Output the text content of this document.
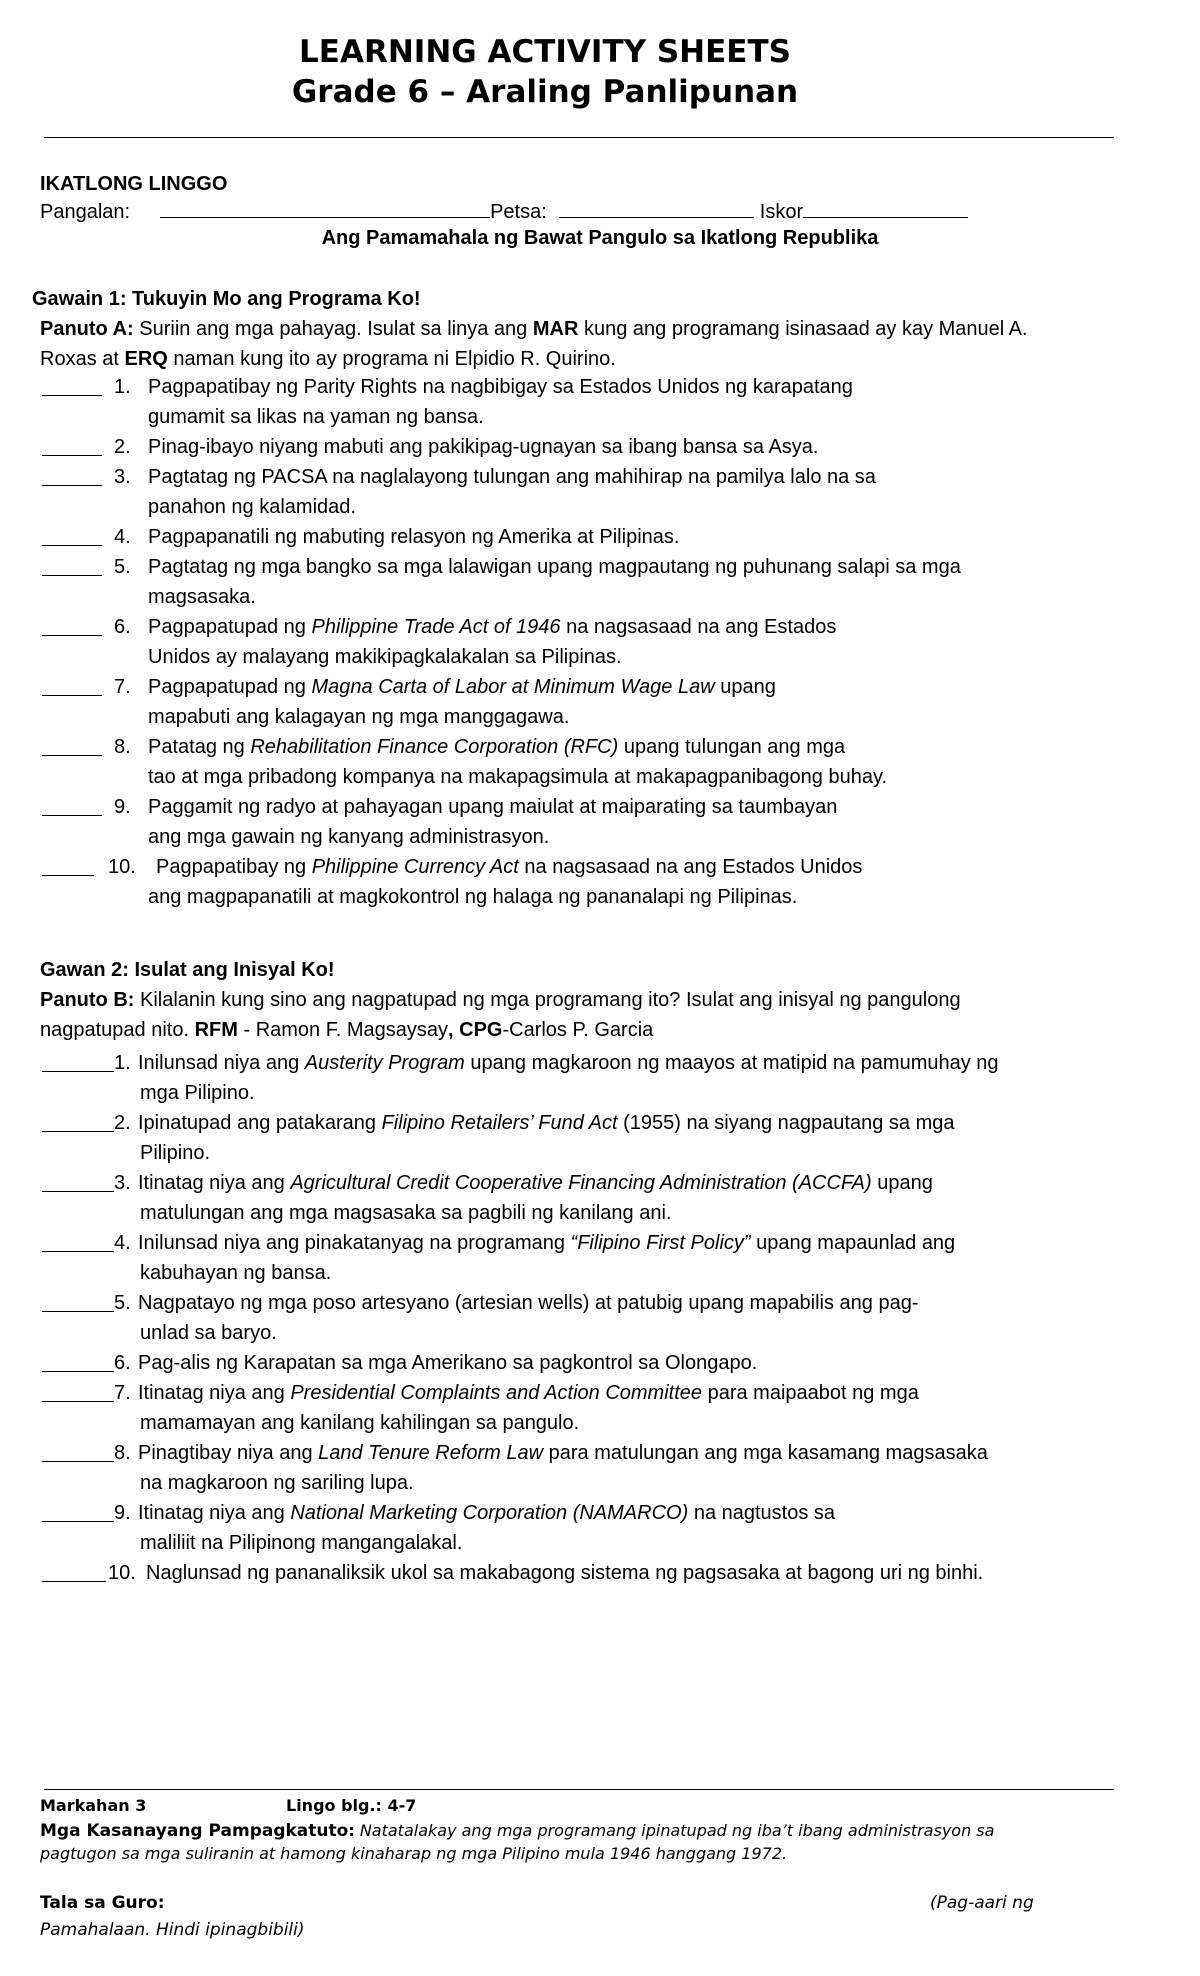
LEARNING ACTIVITY SHEETS
Grade 6 – Araling Panlipunan
IKATLONG LINGGO
Pangalan:	Petsa:	Iskor
Ang Pamamahala ng Bawat Pangulo sa Ikatlong Republika
Gawain 1: Tukuyin Mo ang Programa Ko!
Panuto A: Suriin ang mga pahayag. Isulat sa linya ang MAR kung ang programang isinasaad ay kay Manuel A.
Roxas at ERQ naman kung ito ay programa ni Elpidio R. Quirino.
1. Pagpapatibay ng Parity Rights na nagbibigay sa Estados Unidos ng karapatang
gumamit sa likas na yaman ng bansa.
2. Pinag-ibayo niyang mabuti ang pakikipag-ugnayan sa ibang bansa sa Asya.
3. Pagtatag ng PACSA na naglalayong tulungan ang mahihirap na pamilya lalo na sa
panahon ng kalamidad.
4. Pagpapanatili ng mabuting relasyon ng Amerika at Pilipinas.
5. Pagtatag ng mga bangko sa mga lalawigan upang magpautang ng puhunang salapi sa mga
magsasaka.
6. Pagpapatupad ng Philippine Trade Act of 1946 na nagsasaad na ang Estados
Unidos ay malayang makikipagkalakalan sa Pilipinas.
7. Pagpapatupad ng Magna Carta of Labor at Minimum Wage Law upang
mapabuti ang kalagayan ng mga manggagawa.
8. Patatag ng Rehabilitation Finance Corporation (RFC) upang tulungan ang mga
tao at mga pribadong kompanya na makapagsimula at makapagpanibagong buhay.
9. Paggamit ng radyo at pahayagan upang maiulat at maiparating sa taumbayan
ang mga gawain ng kanyang administrasyon.
10. Pagpapatibay ng Philippine Currency Act na nagsasaad na ang Estados Unidos
ang magpapanatili at magkokontrol ng halaga ng pananalapi ng Pilipinas.
Gawan 2: Isulat ang Inisyal Ko!
Panuto B: Kilalanin kung sino ang nagpatupad ng mga programang ito? Isulat ang inisyal ng pangulong
nagpatupad nito. RFM - Ramon F. Magsaysay, CPG-Carlos P. Garcia
1. Inilunsad niya ang Austerity Program upang magkaroon ng maayos at matipid na pamumuhay ng
mga Pilipino.
2. Ipinatupad ang patakarang Filipino Retailers’ Fund Act (1955) na siyang nagpautang sa mga
Pilipino.
3. Itinatag niya ang Agricultural Credit Cooperative Financing Administration (ACCFA) upang
matulungan ang mga magsasaka sa pagbili ng kanilang ani.
4. Inilunsad niya ang pinakatanyag na programang “Filipino First Policy” upang mapaunlad ang
kabuhayan ng bansa.
5. Nagpatayo ng mga poso artesyano (artesian wells) at patubig upang mapabilis ang pag-
unlad sa baryo.
6. Pag-alis ng Karapatan sa mga Amerikano sa pagkontrol sa Olongapo.
7. Itinatag niya ang Presidential Complaints and Action Committee para maipaabot ng mga
mamamayan ang kanilang kahilingan sa pangulo.
8. Pinagtibay niya ang Land Tenure Reform Law para matulungan ang mga kasamang magsasaka
na magkaroon ng sariling lupa.
9. Itinatag niya ang National Marketing Corporation (NAMARCO) na nagtustos sa
maliliit na Pilipinong mangangalakal.
10. Naglunsad ng pananaliksik ukol sa makabagong sistema ng pagsasaka at bagong uri ng binhi.
Markahan 3	Lingo blg.: 4-7
Mga Kasanayang Pampagkatuto: Natatalakay ang mga programang ipinatupad ng iba’t ibang administrasyon sa
pagtugon sa mga suliranin at hamong kinaharap ng mga Pilipino mula 1946 hanggang 1972.
Tala sa Guro:	(Pag-aari ng
Pamahalaan. Hindi ipinagbibili)
